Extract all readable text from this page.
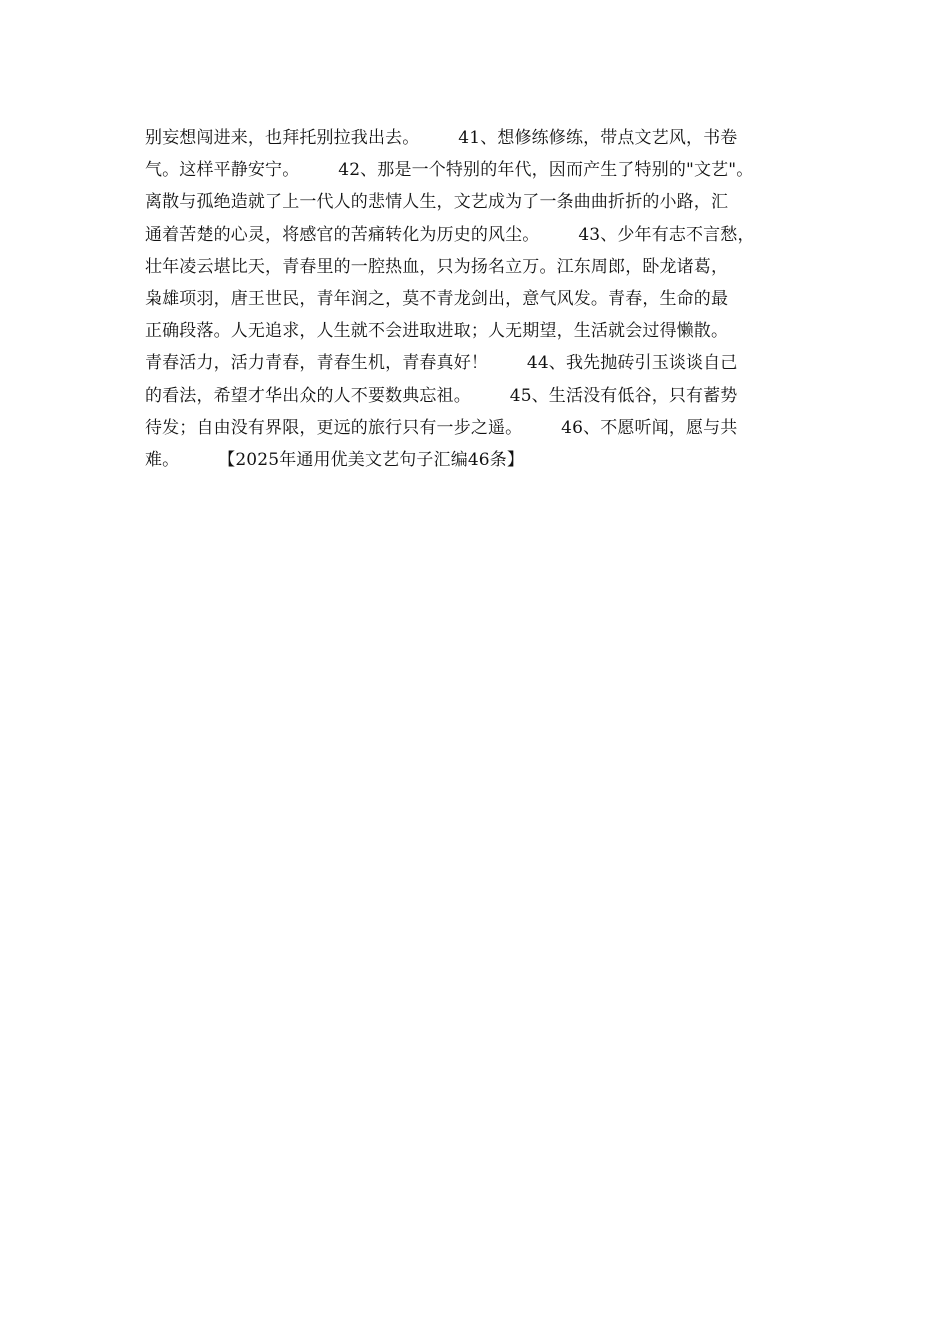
别妄想闯进来，也拜托别拉我出去。       41、想修练修练，带点文艺风，书卷
气。这样平静安宁。       42、那是一个特别的年代，因而产生了特别的"文艺"。
离散与孤绝造就了上一代人的悲情人生，文艺成为了一条曲曲折折的小路，汇
通着苦楚的心灵，将感官的苦痛转化为历史的风尘。       43、少年有志不言愁，
壮年凌云堪比天，青春里的一腔热血，只为扬名立万。江东周郎，卧龙诸葛，
枭雄项羽，唐王世民，青年润之，莫不青龙剑出，意气风发。青春，生命的最
正确段落。人无追求，人生就不会进取进取；人无期望，生活就会过得懒散。
青春活力，活力青春，青春生机，青春真好！       44、我先抛砖引玉谈谈自己
的看法，希望才华出众的人不要数典忘祖。       45、生活没有低谷，只有蓄势
待发；自由没有界限，更远的旅行只有一步之遥。       46、不愿听闻，愿与共
难。       【2025年通用优美文艺句子汇编46条】
